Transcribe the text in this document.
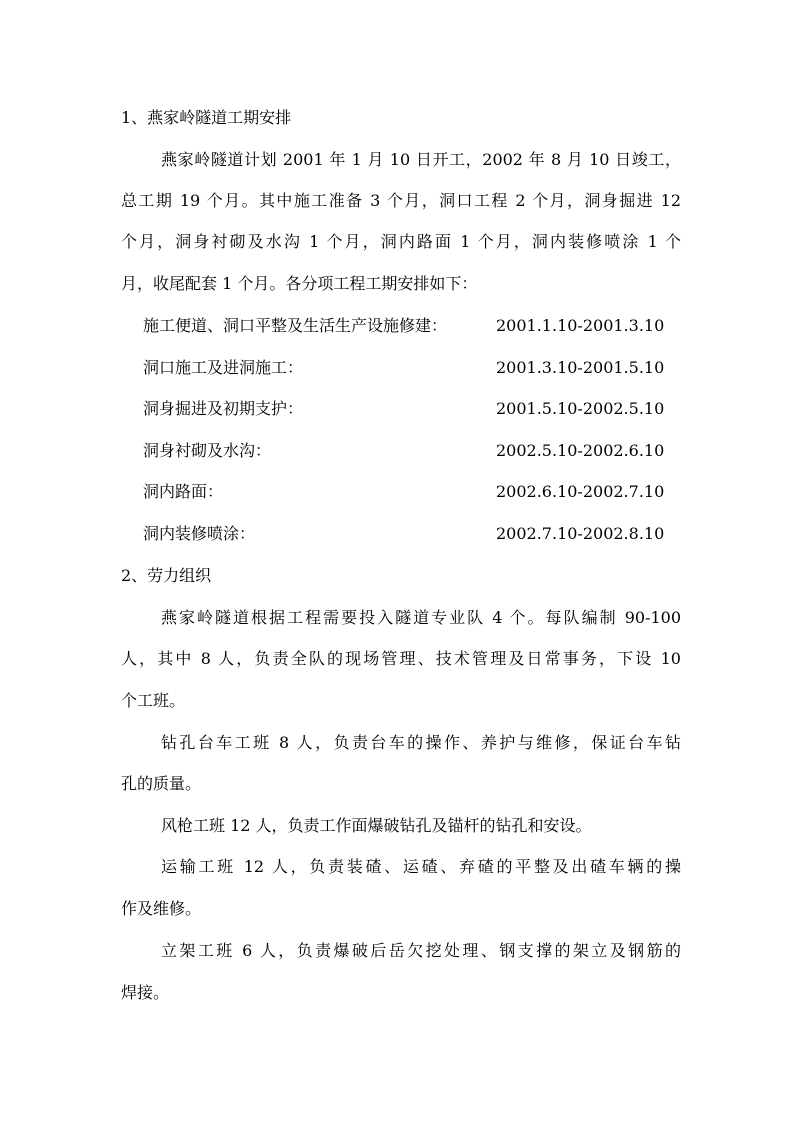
1、燕家岭隧道工期安排
燕家岭隧道计划 2001 年 1 月 10 日开工，2002 年 8 月 10 日竣工，
总工期 19 个月。其中施工准备 3 个月，洞口工程 2 个月，洞身掘进 12
个月，洞身衬砌及水沟 1 个月，洞内路面 1 个月，洞内装修喷涂 1 个
月，收尾配套 1 个月。各分项工程工期安排如下：
施工便道、洞口平整及生活生产设施修建：	2001.1.10-2001.3.10
洞口施工及进洞施工：	2001.3.10-2001.5.10
洞身掘进及初期支护：	2001.5.10-2002.5.10
洞身衬砌及水沟：	2002.5.10-2002.6.10
洞内路面：	2002.6.10-2002.7.10
洞内装修喷涂：	2002.7.10-2002.8.10
2、劳力组织
燕家岭隧道根据工程需要投入隧道专业队 4 个。每队编制 90-100
人，其中 8 人，负责全队的现场管理、技术管理及日常事务，下设 10
个工班。
钻孔台车工班 8 人，负责台车的操作、养护与维修，保证台车钻
孔的质量。
风枪工班 12 人，负责工作面爆破钻孔及锚杆的钻孔和安设。
运输工班 12 人，负责装碴、运碴、弃碴的平整及出碴车辆的操
作及维修。
立架工班 6 人，负责爆破后岳欠挖处理、钢支撑的架立及钢筋的
焊接。
